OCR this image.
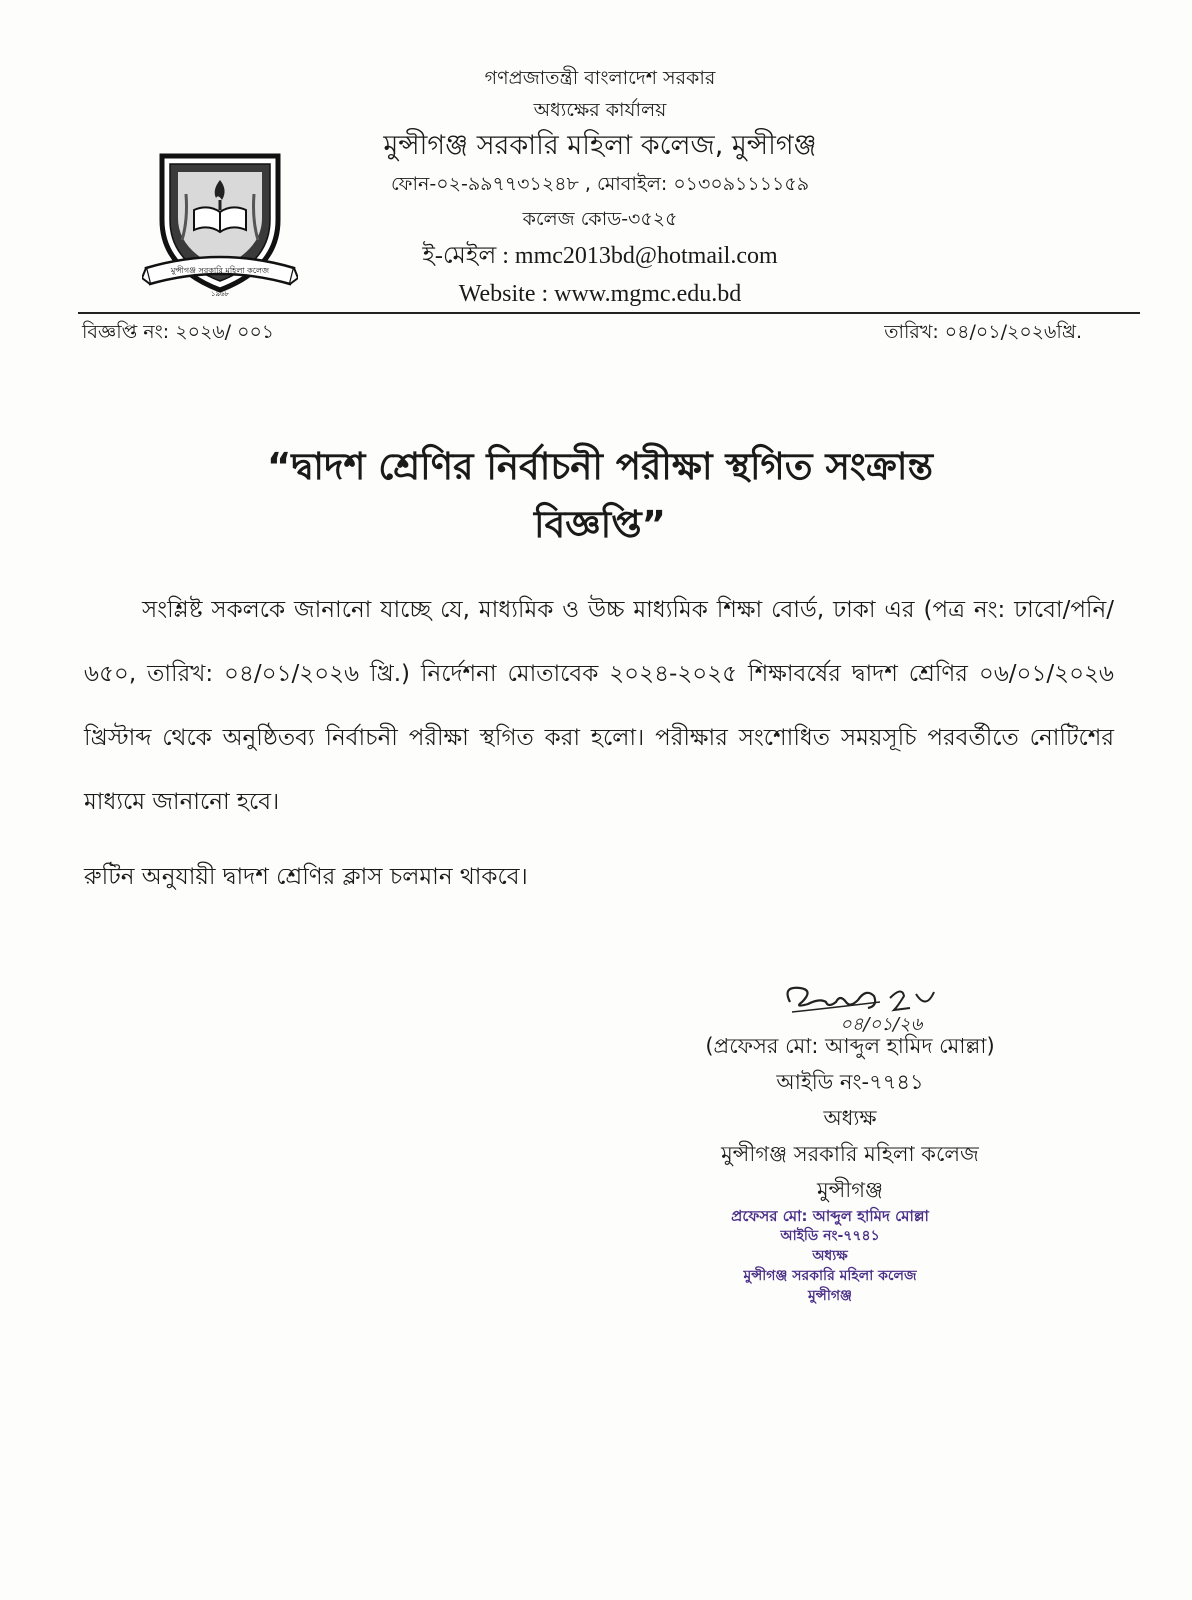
মুন্সীগঞ্জ সরকারি মহিলা কলেজ
১৯৬৮
গণপ্রজাতন্ত্রী বাংলাদেশ সরকার
অধ্যক্ষের কার্যালয়
মুন্সীগঞ্জ সরকারি মহিলা কলেজ, মুন্সীগঞ্জ
ফোন-০২-৯৯৭৭৩১২৪৮ , মোবাইল: ০১৩০৯১১১১৫৯
কলেজ কোড-৩৫২৫
ই-মেইল : mmc2013bd@hotmail.com
Website : www.mgmc.edu.bd
বিজ্ঞপ্তি নং: ২০২৬/ ০০১	তারিখ: ০৪/০১/২০২৬খ্রি.
“দ্বাদশ শ্রেণির নির্বাচনী পরীক্ষা স্থগিত সংক্রান্ত
বিজ্ঞপ্তি”

সংশ্লিষ্ট সকলকে জানানো যাচ্ছে যে, মাধ্যমিক ও উচ্চ মাধ্যমিক শিক্ষা বোর্ড, ঢাকা এর (পত্র নং: ঢাবো/পনি/৬৫০, তারিখ: ০৪/০১/২০২৬ খ্রি.) নির্দেশনা মোতাবেক ২০২৪-২০২৫ শিক্ষাবর্ষের দ্বাদশ শ্রেণির ০৬/০১/২০২৬ খ্রিস্টাব্দ থেকে অনুষ্ঠিতব্য নির্বাচনী পরীক্ষা স্থগিত করা হলো। পরীক্ষার সংশোধিত সময়সূচি পরবর্তীতে নোটিশের মাধ্যমে জানানো হবে।

রুটিন অনুযায়ী দ্বাদশ শ্রেণির ক্লাস চলমান থাকবে।
০৪/০১/২৬
(প্রফেসর মো: আব্দুল হামিদ মোল্লা)
আইডি নং-৭৭৪১
অধ্যক্ষ
মুন্সীগঞ্জ সরকারি মহিলা কলেজ
মুন্সীগঞ্জ
প্রফেসর মো: আব্দুল হামিদ মোল্লা
আইডি নং-৭৭৪১
অধ্যক্ষ
মুন্সীগঞ্জ সরকারি মহিলা কলেজ
মুন্সীগঞ্জ
